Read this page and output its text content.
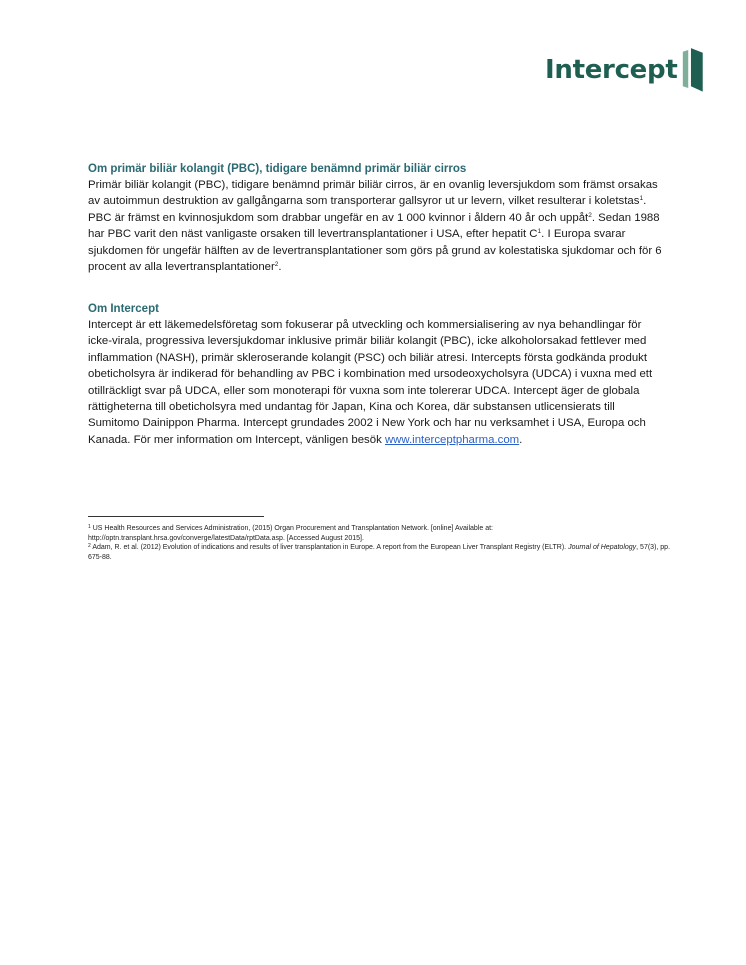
Intercept
Om primär biliär kolangit (PBC), tidigare benämnd primär biliär cirros

Primär biliär kolangit (PBC), tidigare benämnd primär biliär cirros, är en ovanlig leversjukdom som främst orsakas av autoimmun destruktion av gallgångarna som transporterar gallsyror ut ur levern, vilket resulterar i koletstas$^1$. PBC är främst en kvinnosjukdom som drabbar ungefär en av 1 000 kvinnor i åldern 40 år och uppåt$^2$. Sedan 1988 har PBC varit den näst vanligaste orsaken till levertransplantationer i USA, efter hepatit $C^1$. I Europa svarar sjukdomen för ungefär hälften av de levertransplantationer som görs på grund av kolestatiska sjukdomar och för 6 procent av alla levertransplantationer$^2$.

Om Intercept

Intercept är ett läkemedelsföretag som fokuserar på utveckling och kommersialisering av nya behandlingar för icke-virala, progressiva leversjukdomar inklusive primär biliär kolangit (PBC), icke alkoholorsakad fettlever med inflammation (NASH), primär skleroserande kolangit (PSC) och biliär atresi. Intercepts första godkända produkt obeticholsyra är indikerad för behandling av PBC i kombination med ursodeoxycholsyra (UDCA) i vuxna med ett otillräckligt svar på UDCA, eller som monoterapi för vuxna som inte tolererar UDCA. Intercept äger de globala rättigheterna till obeticholsyra med undantag för Japan, Kina och Korea, där substansen utlicensierats till Sumitomo Dainippon Pharma. Intercept grundades 2002 i New York och har nu verksamhet i USA, Europa och Kanada. För mer information om Intercept, vänligen besök www.interceptpharma.com.

$^1$ US Health Resources and Services Administration, (2015) Organ Procurement and Transplantation Network. [online] Available at: http://optn.transplant.hrsa.gov/converge/latestData/rptData.asp. [Accessed August 2015].

$^2$ Adam, R. et al. (2012) Evolution of indications and results of liver transplantation in Europe. A report from the European Liver Transplant Registry (ELTR). Journal of Hepatology, 57(3), pp. 675-88.
